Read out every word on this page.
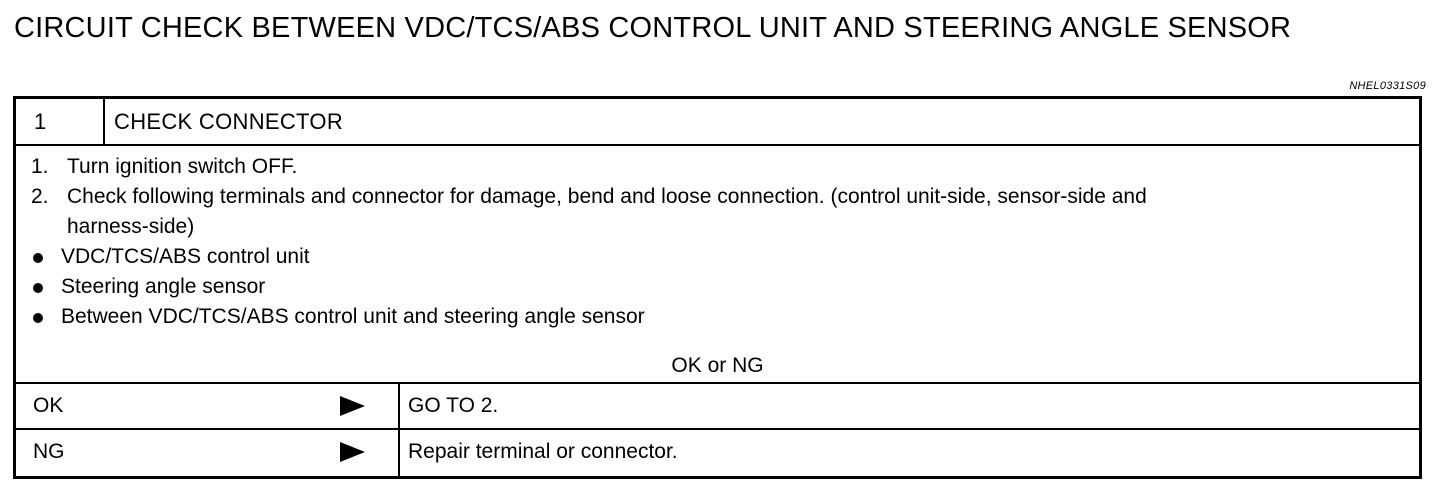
CIRCUIT CHECK BETWEEN VDC/TCS/ABS CONTROL UNIT AND STEERING ANGLE SENSOR
NHEL0331S09
1	CHECK CONNECTOR
1. Turn ignition switch OFF.
2. Check following terminals and connector for damage, bend and loose connection. (control unit-side, sensor-side and
harness-side)
VDC/TCS/ABS control unit
Steering angle sensor
Between VDC/TCS/ABS control unit and steering angle sensor
OK or NG
OK	GO TO 2.
NG	Repair terminal or connector.
